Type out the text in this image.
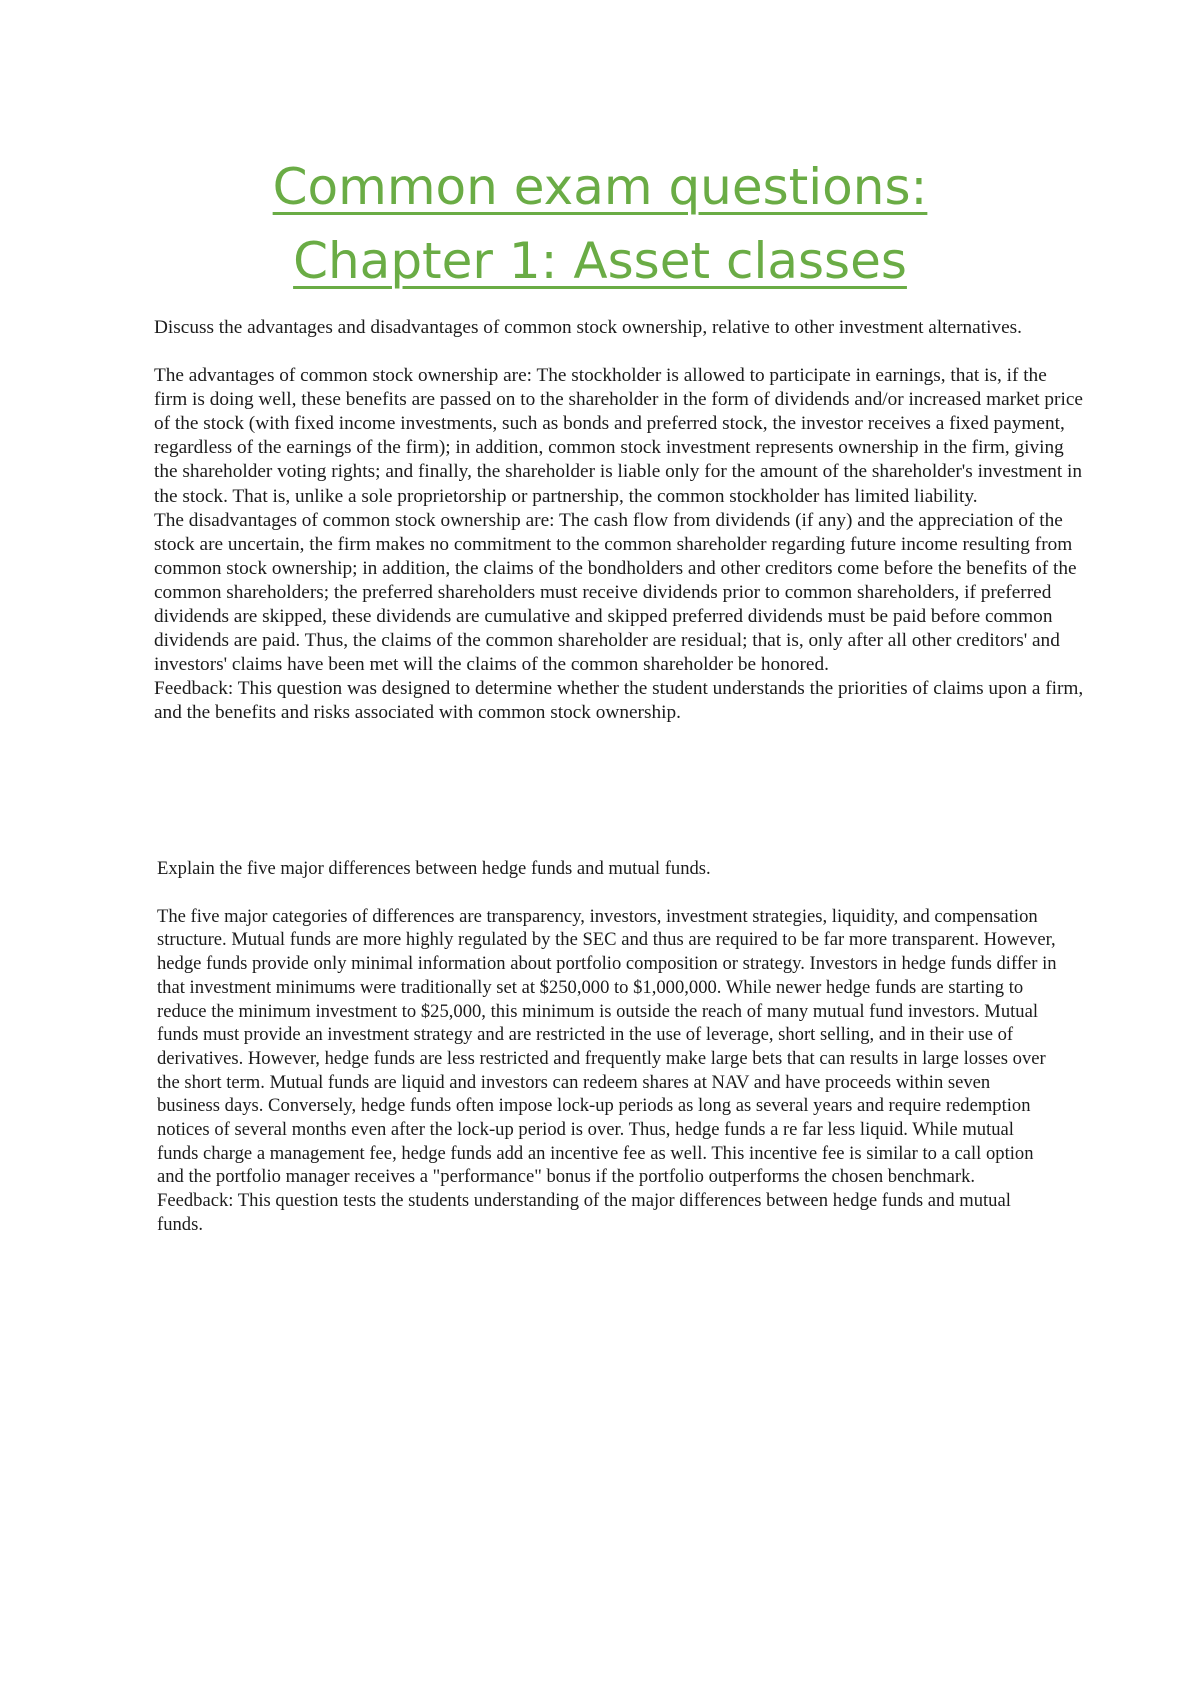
Common exam questions:
Chapter 1: Asset classes

Discuss the advantages and disadvantages of common stock ownership, relative to other investment alternatives.

The advantages of common stock ownership are: The stockholder is allowed to participate in earnings, that is, if the firm is doing well, these benefits are passed on to the shareholder in the form of dividends and/or increased market price of the stock (with fixed income investments, such as bonds and preferred stock, the investor receives a fixed payment, regardless of the earnings of the firm); in addition, common stock investment represents ownership in the firm, giving the shareholder voting rights; and finally, the shareholder is liable only for the amount of the shareholder's investment in the stock. That is, unlike a sole proprietorship or partnership, the common stockholder has limited liability.

The disadvantages of common stock ownership are: The cash flow from dividends (if any) and the appreciation of the stock are uncertain, the firm makes no commitment to the common shareholder regarding future income resulting from common stock ownership; in addition, the claims of the bondholders and other creditors come before the benefits of the common shareholders; the preferred shareholders must receive dividends prior to common shareholders, if preferred dividends are skipped, these dividends are cumulative and skipped preferred dividends must be paid before common dividends are paid. Thus, the claims of the common shareholder are residual; that is, only after all other creditors' and investors' claims have been met will the claims of the common shareholder be honored.

Feedback: This question was designed to determine whether the student understands the priorities of claims upon a firm, and the benefits and risks associated with common stock ownership.

Explain the five major differences between hedge funds and mutual funds.

The five major categories of differences are transparency, investors, investment strategies, liquidity, and compensation structure. Mutual funds are more highly regulated by the SEC and thus are required to be far more transparent. However, hedge funds provide only minimal information about portfolio composition or strategy. Investors in hedge funds differ in that investment minimums were traditionally set at $250,000 to $1,000,000. While newer hedge funds are starting to reduce the minimum investment to $25,000, this minimum is outside the reach of many mutual fund investors. Mutual funds must provide an investment strategy and are restricted in the use of leverage, short selling, and in their use of derivatives. However, hedge funds are less restricted and frequently make large bets that can results in large losses over the short term. Mutual funds are liquid and investors can redeem shares at NAV and have proceeds within seven business days. Conversely, hedge funds often impose lock-up periods as long as several years and require redemption notices of several months even after the lock-up period is over. Thus, hedge funds a re far less liquid. While mutual funds charge a management fee, hedge funds add an incentive fee as well. This incentive fee is similar to a call option and the portfolio manager receives a "performance" bonus if the portfolio outperforms the chosen benchmark.

Feedback: This question tests the students understanding of the major differences between hedge funds and mutual funds.
